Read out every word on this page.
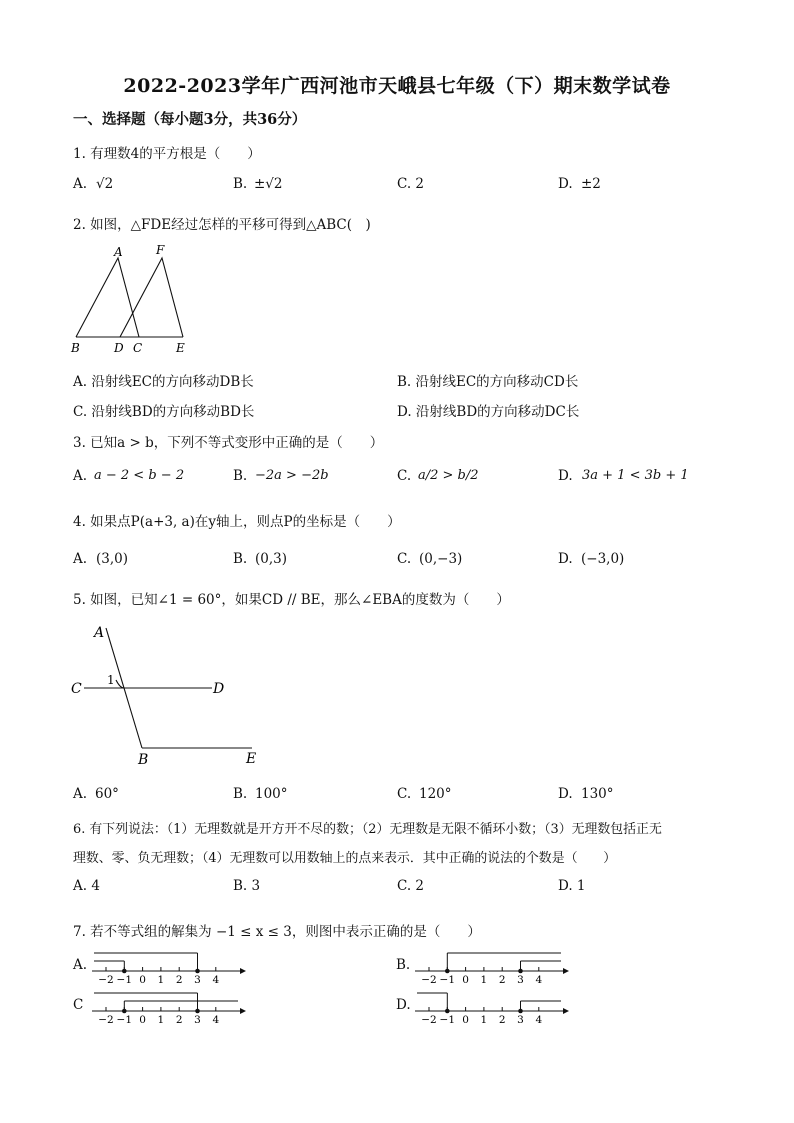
2022-2023学年广西河池市天峨县七年级（下）期末数学试卷
一、选择题（每小题3分，共36分）
1. 有理数4的平方根是（　　）
A. √2	B. ±√2	C. 2	D. ±2
2. 如图，△FDE经过怎样的平移可得到△ABC(　)
A	F
B	D C	E
A. 沿射线EC的方向移动DB长	B. 沿射线EC的方向移动CD长
C. 沿射线BD的方向移动BD长	D. 沿射线BD的方向移动DC长
3. 已知a > b，下列不等式变形中正确的是（　　）
A. a − 2 < b − 2	B. −2a > −2b	C. a/2 > b/2	D. 3a + 1 < 3b + 1
4. 如果点P(a+3, a)在y轴上，则点P的坐标是（　　）
A. (3,0)	B. (0,3)	C. (0,−3)	D. (−3,0)
5. 如图，已知∠1 = 60°，如果CD // BE，那么∠EBA的度数为（　　）
A
C
1
D
B	E
A. 60°	B. 100°	C. 120°	D. 130°
6. 有下列说法：（1）无理数就是开方开不尽的数；（2）无理数是无限不循环小数；（3）无理数包括正无
理数、零、负无理数；（4）无理数可以用数轴上的点来表示．其中正确的说法的个数是（　　）
A. 4	B. 3	C. 2	D. 1
7. 若不等式组的解集为 −1 ≤ x ≤ 3，则图中表示正确的是（　　）
A.
−2 −1 0 1 2 3 4
B.
−2 −1 0 1 2 3 4
C
−2 −1 0 1 2 3 4
D.
−2 −1 0 1 2 3 4
